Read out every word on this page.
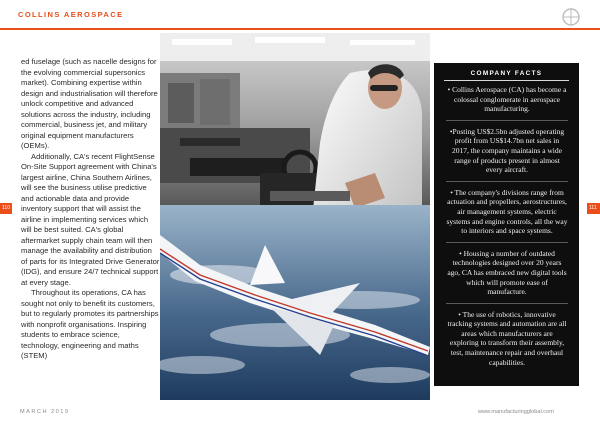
COLLINS AEROSPACE

ed fuselage (such as nacelle designs for the evolving commercial supersonics market). Combining expertise within design and industrialisation will therefore unlock competitive and advanced solutions across the industry, including commercial, business jet, and military original equipment manufacturers (OEMs).

Additionally, CA's recent FlightSense On-Site Support agreement with China's largest airline, China Southern Airlines, will see the business utilise predictive and actionable data and provide inventory support that will assist the airline in implementing services which will be best suited. CA's global aftermarket supply chain team will then manage the availability and distribution of parts for its Integrated Drive Generator (IDG), and ensure 24/7 technical support at every stage.

Throughout its operations, CA has sought not only to benefit its customers, but to regularly promotes its partnerships with nonprofit organisations. Inspiring students to embrace science, technology, engineering and maths (STEM)

COMPANY FACTS
• Collins Aerospace (CA) has become a colossal conglomerate in aerospace manufacturing.
•Posting US$2.5bn adjusted operating profit from US$14.7bn net sales in 2017, the company maintains a wide range of products present in almost every aircraft.
• The company's divisions range from actuation and propellers, aerostructures, air management systems, electric systems and engine controls, all the way to interiors and space systems.
• Housing a number of outdated technologies designed over 20 years ago, CA has embraced new digital tools which will promote ease of manufacture.
• The use of robotics, innovative tracking systems and automation are all areas which manufacturers are exploring to transform their assembly, test, maintenance repair and overhaul capabilities.
110	111
MARCH 2019	www.manufacturingglobal.com
